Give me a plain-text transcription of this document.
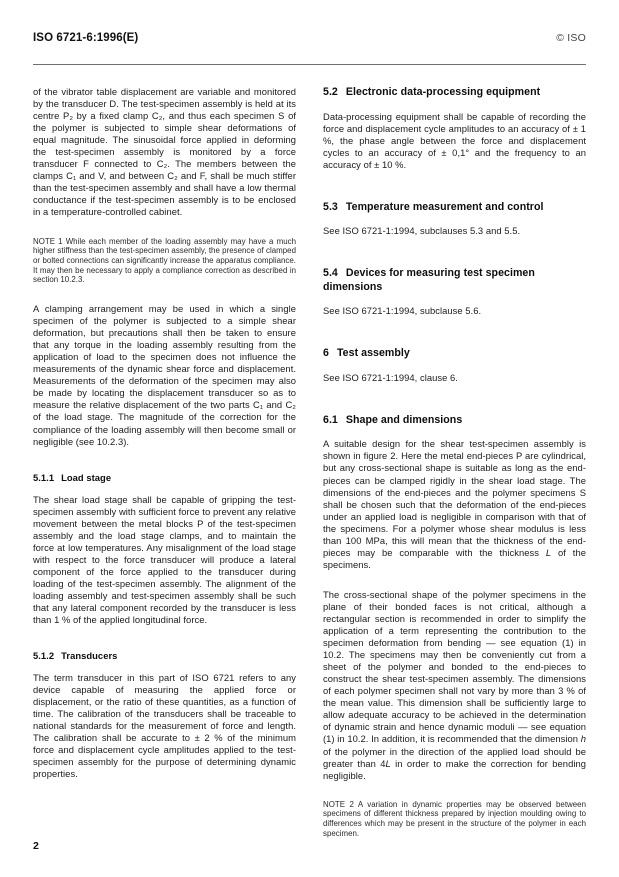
ISO 6721-6:1996(E)	© ISO

of the vibrator table displacement are variable and monitored by the transducer D. The test-specimen assembly is held at its centre P₂ by a fixed clamp C₂, and thus each specimen S of the polymer is subjected to simple shear deformations of equal magnitude. The sinusoidal force applied in deforming the test-specimen assembly is monitored by a force transducer F connected to C₂. The members between the clamps C₁ and V, and between C₂ and F, shall be much stiffer than the test-specimen assembly and shall have a low thermal conductance if the test-specimen assembly is to be enclosed in a temperature-controlled cabinet.

NOTE 1 While each member of the loading assembly may have a much higher stiffness than the test-specimen assembly, the presence of clamped or bolted connections can significantly increase the apparatus compliance. It may then be necessary to apply a compliance correction as described in section 10.2.3.

A clamping arrangement may be used in which a single specimen of the polymer is subjected to a simple shear deformation, but precautions shall then be taken to ensure that any torque in the loading assembly resulting from the application of load to the specimen does not influence the measurements of the dynamic shear force and displacement. Measurements of the deformation of the specimen may also be made by locating the displacement transducer so as to measure the relative displacement of the two parts C₁ and C₂ of the load stage. The magnitude of the correction for the compliance of the loading assembly will then become small or negligible (see 10.2.3).

5.1.1 Load stage

The shear load stage shall be capable of gripping the test-specimen assembly with sufficient force to prevent any relative movement between the metal blocks P of the test-specimen assembly and the load stage clamps, and to maintain the force at low temperatures. Any misalignment of the load stage with respect to the force transducer will produce a lateral component of the force applied to the transducer during loading of the test-specimen assembly. The alignment of the loading assembly and test-specimen assembly shall be such that any lateral component recorded by the transducer is less than 1 % of the applied longitudinal force.

5.1.2 Transducers

The term transducer in this part of ISO 6721 refers to any device capable of measuring the applied force or displacement, or the ratio of these quantities, as a function of time. The calibration of the transducers shall be traceable to national standards for the measurement of force and length. The calibration shall be accurate to ± 2 % of the minimum force and displacement cycle amplitudes applied to the test-specimen assembly for the purpose of determining dynamic properties.

5.2 Electronic data-processing equipment

Data-processing equipment shall be capable of recording the force and displacement cycle amplitudes to an accuracy of ± 1 %, the phase angle between the force and displacement cycles to an accuracy of ± 0,1° and the frequency to an accuracy of ± 10 %.

5.3 Temperature measurement and control

See ISO 6721-1:1994, subclauses 5.3 and 5.5.

5.4 Devices for measuring test specimen dimensions

See ISO 6721-1:1994, subclause 5.6.

6 Test assembly

See ISO 6721-1:1994, clause 6.

6.1 Shape and dimensions

A suitable design for the shear test-specimen assembly is shown in figure 2. Here the metal end-pieces P are cylindrical, but any cross-sectional shape is suitable as long as the end-pieces can be clamped rigidly in the shear load stage. The dimensions of the end-pieces and the polymer specimens S shall be chosen such that the deformation of the end-pieces under an applied load is negligible in comparison with that of the specimens. For a polymer whose shear modulus is less than 100 MPa, this will mean that the thickness of the end-pieces may be comparable with the thickness L of the specimens.

The cross-sectional shape of the polymer specimens in the plane of their bonded faces is not critical, although a rectangular section is recommended in order to simplify the application of a term representing the contribution to the specimen deformation from bending — see equation (1) in 10.2. The specimens may then be conveniently cut from a sheet of the polymer and bonded to the end-pieces to construct the shear test-specimen assembly. The dimensions of each polymer specimen shall not vary by more than 3 % of the mean value. This dimension shall be sufficiently large to allow adequate accuracy to be achieved in the determination of dynamic strain and hence dynamic moduli — see equation (1) in 10.2. In addition, it is recommended that the dimension h of the polymer in the direction of the applied load should be greater than 4L in order to make the correction for bending negligible.

NOTE 2 A variation in dynamic properties may be observed between specimens of different thickness prepared by injection moulding owing to differences which may be present in the structure of the polymer in each specimen.

2
